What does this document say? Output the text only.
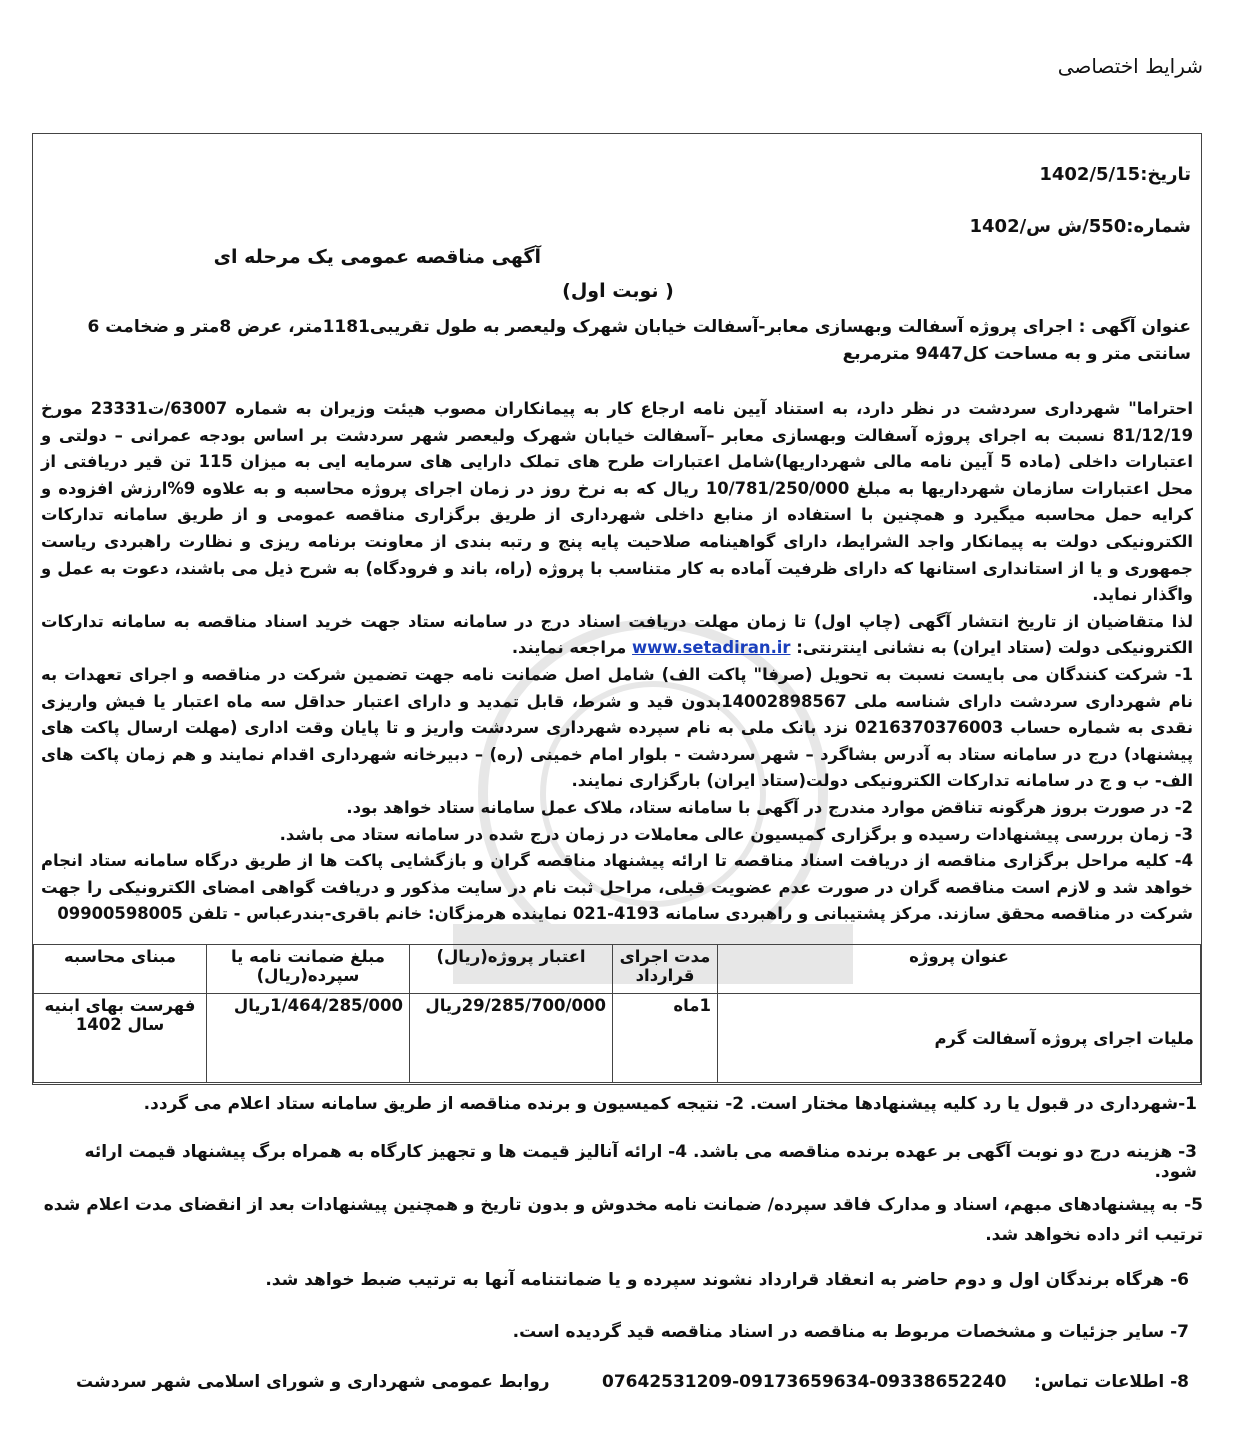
شرایط اختصاصی
تاریخ:1402/5/15
شماره:550/ش س/1402
آگهی مناقصه عمومی یک مرحله ای
( نوبت اول)
عنوان آگهی : اجرای پروژه آسفالت وبهسازی معابر-آسفالت خیابان شهرک ولیعصر به طول تقریبی1181متر، عرض 8متر و ضخامت 6 سانتی متر و به مساحت کل9447 مترمربع

احتراما" شهرداری سردشت در نظر دارد، به استناد آیین نامه ارجاع کار به پیمانکاران مصوب هیئت وزیران به شماره 63007/ت23331 مورخ 81/12/19 نسبت به اجرای پروژه آسفالت وبهسازی معابر –آسفالت خیابان شهرک ولیعصر شهر سردشت بر اساس بودجه عمرانی – دولتی و اعتبارات داخلی (ماده 5 آیین نامه مالی شهرداریها)شامل اعتبارات طرح های تملک دارایی های سرمایه ایی به میزان 115 تن قیر دریافتی از محل اعتبارات سازمان شهرداریها به مبلغ 10/781/250/000 ریال که به نرخ روز در زمان اجرای پروژه محاسبه و به علاوه 9%ارزش افزوده و کرایه حمل محاسبه میگیرد و همچنین با استفاده از منابع داخلی شهرداری از طریق برگزاری مناقصه عمومی و از طریق سامانه تدارکات الکترونیکی دولت به پیمانکار واجد الشرایط، دارای گواهینامه صلاحیت پایه پنج و رتبه بندی از معاونت برنامه ریزی و نظارت راهبردی ریاست جمهوری و یا از استانداری استانها که دارای ظرفیت آماده به کار متناسب با پروژه (راه، باند و فرودگاه) به شرح ذیل می باشند، دعوت به عمل و واگذار نماید.

لذا متقاضیان از تاریخ انتشار آگهی (چاپ اول) تا زمان مهلت دریافت اسناد درج در سامانه ستاد جهت خرید اسناد مناقصه به سامانه تدارکات الکترونیکی دولت (ستاد ایران) به نشانی اینترنتی: www.setadiran.ir مراجعه نمایند.

1- شرکت کنندگان می بایست نسبت به تحویل (صرفا" پاکت الف) شامل اصل ضمانت نامه جهت تضمین شرکت در مناقصه و اجرای تعهدات به نام شهرداری سردشت دارای شناسه ملی 14002898567بدون قید و شرط، قابل تمدید و دارای اعتبار حداقل سه ماه اعتبار یا فیش واریزی نقدی به شماره حساب 0216370376003 نزد بانک ملی به نام سپرده شهرداری سردشت واریز و تا پایان وقت اداری (مهلت ارسال پاکت های پیشنهاد) درج در سامانه ستاد به آدرس بشاگرد – شهر سردشت - بلوار امام خمینی (ره) – دبیرخانه شهرداری اقدام نمایند و هم زمان پاکت های الف- ب و ج در سامانه تدارکات الکترونیکی دولت(ستاد ایران) بارگزاری نمایند.

2- در صورت بروز هرگونه تناقض موارد مندرج در آگهی با سامانه ستاد، ملاک عمل سامانه ستاد خواهد بود.

3- زمان بررسی پیشنهادات رسیده و برگزاری کمیسیون عالی معاملات در زمان درج شده در سامانه ستاد می باشد.

4- کلیه مراحل برگزاری مناقصه از دریافت اسناد مناقصه تا ارائه پیشنهاد مناقصه گران و بازگشایی پاکت ها از طریق درگاه سامانه ستاد انجام خواهد شد و لازم است مناقصه گران در صورت عدم عضویت قبلی، مراحل ثبت نام در سایت مذکور و دریافت گواهی امضای الکترونیکی را جهت شرکت در مناقصه محقق سازند. مرکز پشتیبانی و راهبردی سامانه 4193-021 نماینده هرمزگان: خانم باقری-بندرعباس - تلفن 09900598005

عنوان پروژه	مدت اجرای قرارداد	اعتبار پروژه(ریال)	مبلغ ضمانت نامه یا سپرده(ریال)	مبنای محاسبه
ملیات اجرای پروژه آسفالت گرم	1ماه	29/285/700/000ریال	1/464/285/000ریال	فهرست بهای ابنیه سال 1402
1-شهرداری در قبول یا رد کلیه پیشنهادها مختار است. 2- نتیجه کمیسیون و برنده مناقصه از طریق سامانه ستاد اعلام می گردد.
3- هزینه درج دو نوبت آگهی بر عهده برنده مناقصه می باشد. 4- ارائه آنالیز قیمت ها و تجهیز کارگاه به همراه برگ پیشنهاد قیمت ارائه شود.
5- به پیشنهادهای مبهم، اسناد و مدارک فاقد سپرده/ ضمانت نامه مخدوش و بدون تاریخ و همچنین پیشنهادات بعد از انقضای مدت اعلام شده ترتیب اثر داده نخواهد شد.
6- هرگاه برندگان اول و دوم حاضر به انعقاد قرارداد نشوند سپرده و یا ضمانتنامه آنها به ترتیب ضبط خواهد شد.
7- سایر جزئیات و مشخصات مربوط به مناقصه در اسناد مناقصه قید گردیده است.
8- اطلاعات تماس:
07642531209-09173659634-09338652240
روابط عمومی شهرداری و شورای اسلامی شهر سردشت
